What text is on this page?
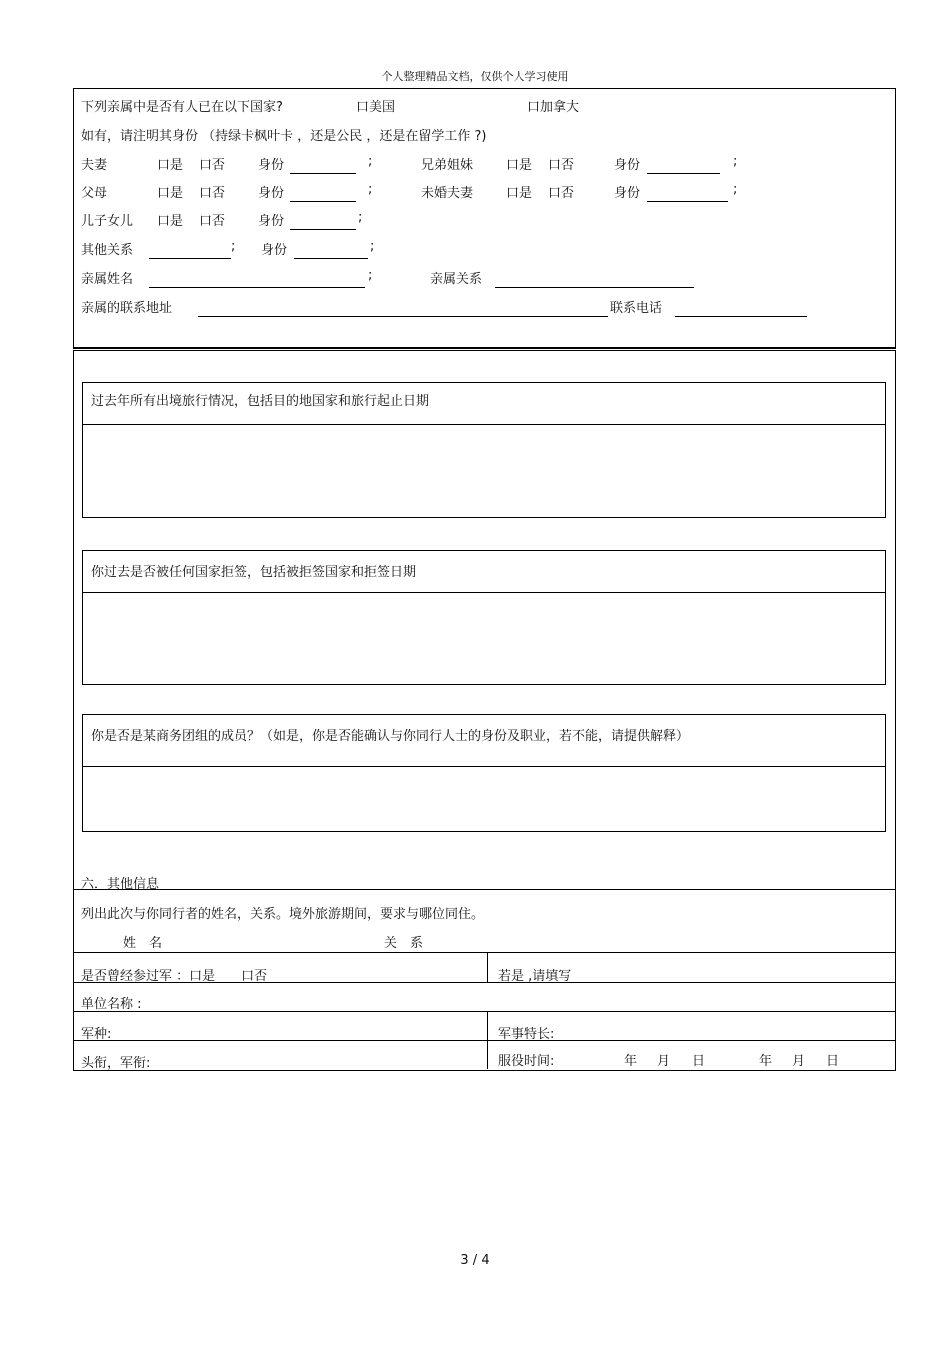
个人整理精品文档，仅供个人学习使用
下列亲属中是否有人已在以下国家?	口美国	口加拿大
如有，请注明其身份 （持绿卡枫叶卡 ，还是公民 ，还是在留学工作 ?)
夫妻	口是 口否	身份	;	兄弟姐妹	口是 口否	身份	;
父母	口是 口否	身份	;	未婚夫妻	口是 口否	身份	;
儿子女儿 口是 口否	身份	;
其他关系	; 身份	;
亲属姓名	;	亲属关系
亲属的联系地址	联系电话
过去年所有出境旅行情况，包括目的地国家和旅行起止日期
你过去是否被任何国家拒签，包括被拒签国家和拒签日期
你是否是某商务团组的成员？（如是，你是否能确认与你同行人士的身份及职业，若不能，请提供解释）
六．其他信息
列出此次与你同行者的姓名，关系。境外旅游期间，要求与哪位同住。
姓　名	关　系
是否曾经参过军 ：口是　　口否	若是 ,请填写
单位名称 :
军种:	军事特长:
头衔，军衔:	服役时间:	年 月 日	年 月 日
3 / 4
